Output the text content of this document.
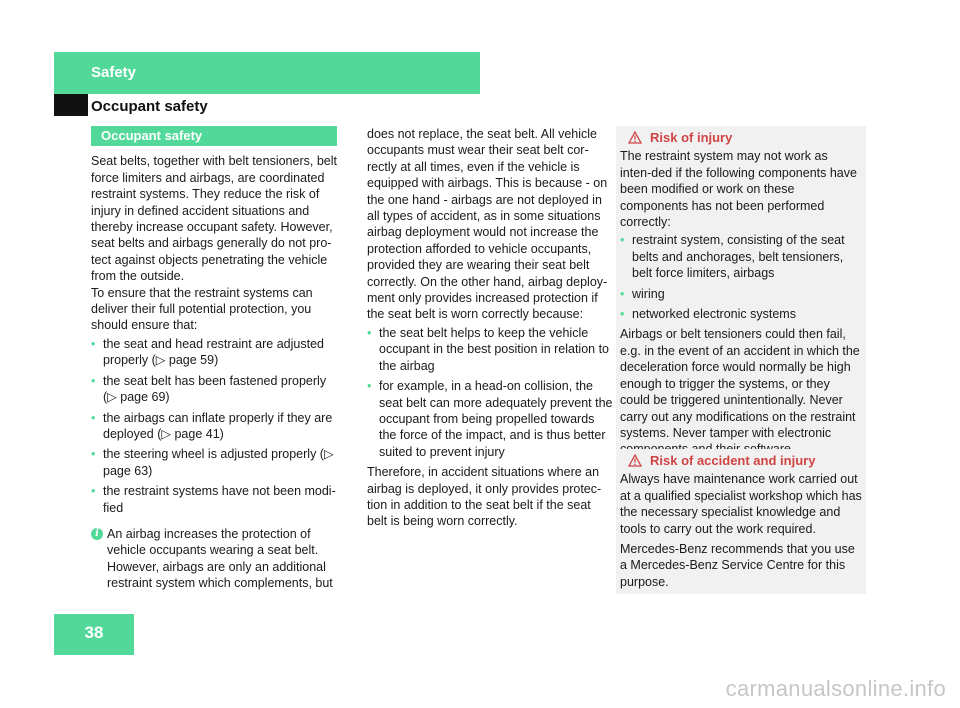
Safety
Occupant safety
Occupant safety

Seat belts, together with belt tensioners, belt force limiters and airbags, are coordinated restraint systems. They reduce the risk of injury in defined accident situations and thereby increase occupant safety. However, seat belts and airbags generally do not pro-tect against objects penetrating the vehicle from the outside.

To ensure that the restraint systems can deliver their full potential protection, you should ensure that:

• the seat and head restraint are adjusted properly (▷ page 59)
• the seat belt has been fastened properly (▷ page 69)
• the airbags can inflate properly if they are deployed (▷ page 41)
• the steering wheel is adjusted properly (▷ page 63)
• the restraint systems have not been modi-fied
i An airbag increases the protection of vehicle occupants wearing a seat belt. However, airbags are only an additional restraint system which complements, but

does not replace, the seat belt. All vehicle occupants must wear their seat belt cor-rectly at all times, even if the vehicle is equipped with airbags. This is because - on the one hand - airbags are not deployed in all types of accident, as in some situations airbag deployment would not increase the protection afforded to vehicle occupants, provided they are wearing their seat belt correctly. On the other hand, airbag deploy-ment only provides increased protection if the seat belt is worn correctly because:

• the seat belt helps to keep the vehicle occupant in the best position in relation to the airbag
• for example, in a head-on collision, the seat belt can more adequately prevent the occupant from being propelled towards the force of the impact, and is thus better suited to prevent injury

Therefore, in accident situations where an airbag is deployed, it only provides protec-tion in addition to the seat belt if the seat belt is being worn correctly.

Risk of injury

The restraint system may not work as inten-ded if the following components have been modified or work on these components has not been performed correctly:

• restraint system, consisting of the seat belts and anchorages, belt tensioners, belt force limiters, airbags
• wiring
• networked electronic systems

Airbags or belt tensioners could then fail, e.g. in the event of an accident in which the deceleration force would normally be high enough to trigger the systems, or they could be triggered unintentionally. Never carry out any modifications on the restraint systems. Never tamper with electronic

Risk of accident and injury

Always have maintenance work carried out at a qualified specialist workshop which has the necessary specialist knowledge and tools to carry out the work required.

Mercedes-Benz recommends that you use a Mercedes-Benz Service Centre for this purpose.

38
carmanualsonline.info
